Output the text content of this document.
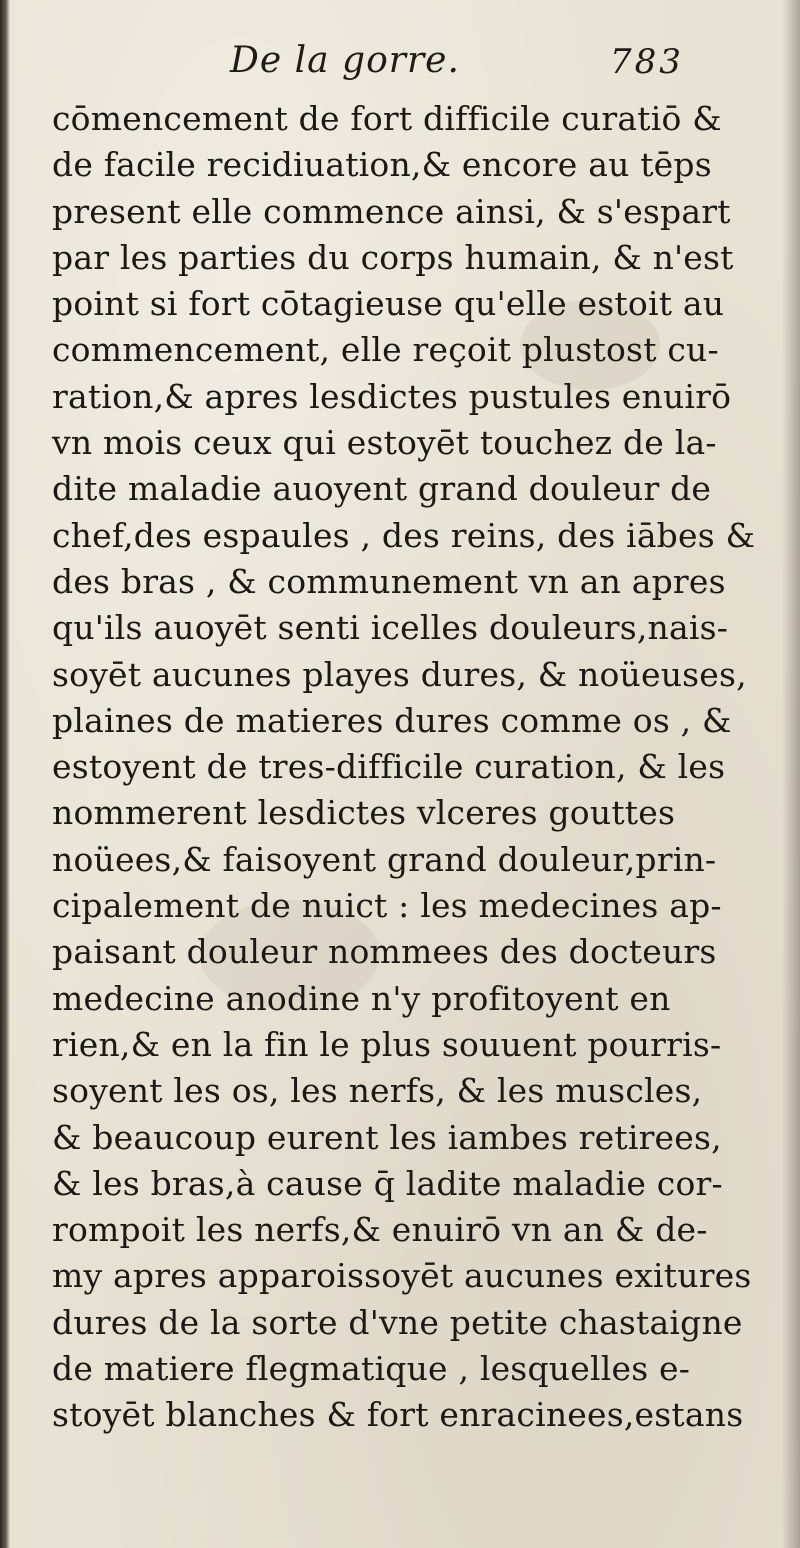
De la gorre.	783
cōmencement de fort difficile curatiō &
de facile recidiuation,& encore au tēps
present elle commence ainsi, & s'espart
par les parties du corps humain, & n'est
point si fort cōtagieuse qu'elle estoit au
commencement, elle reçoit plustost cu-
ration,& apres lesdictes pustules enuirō
vn mois ceux qui estoyēt touchez de la-
dite maladie auoyent grand douleur de
chef,des espaules , des reins, des iābes &
des bras , & communement vn an apres
qu'ils auoyēt senti icelles douleurs,nais-
soyēt aucunes playes dures, & noüeuses,
plaines de matieres dures comme os , &
estoyent de tres-difficile curation, & les
nommerent lesdictes vlceres gouttes
noüees,& faisoyent grand douleur,prin-
cipalement de nuict : les medecines ap-
paisant douleur nommees des docteurs
medecine anodine n'y profitoyent en
rien,& en la fin le plus souuent pourris-
soyent les os, les nerfs, & les muscles,
& beaucoup eurent les iambes retirees,
& les bras,à cause q̄ ladite maladie cor-
rompoit les nerfs,& enuirō vn an & de-
my apres apparoissoyēt aucunes exitures
dures de la sorte d'vne petite chastaigne
de matiere flegmatique , lesquelles e-
stoyēt blanches & fort enracinees,estans
